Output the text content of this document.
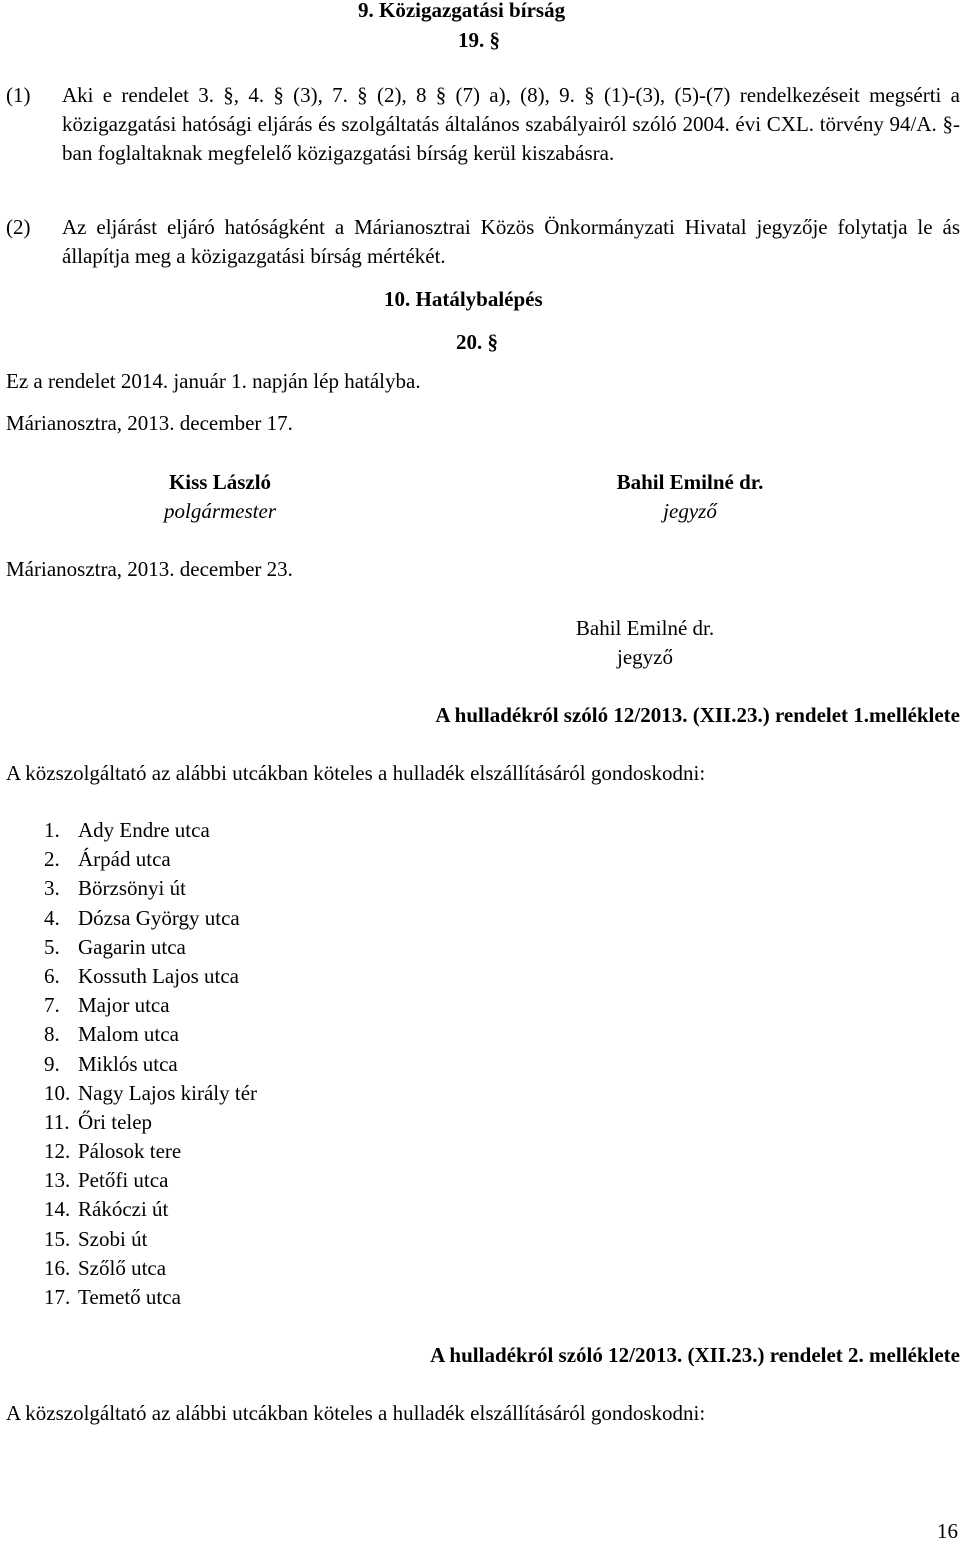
9. Közigazgatási bírság
19. §
(1) Aki e rendelet 3. §, 4. § (3), 7. § (2), 8 § (7) a), (8), 9. § (1)-(3), (5)-(7) rendelkezéseit megsérti a közigazgatási hatósági eljárás és szolgáltatás általános szabályairól szóló 2004. évi CXL. törvény 94/A. §-ban foglaltaknak megfelelő közigazgatási bírság kerül kiszabásra.
(2) Az eljárást eljáró hatóságként a Márianosztrai Közös Önkormányzati Hivatal jegyzője folytatja le ás állapítja meg a közigazgatási bírság mértékét.
10. Hatálybalépés
20. §
Ez a rendelet 2014. január 1. napján lép hatályba.
Márianosztra, 2013. december 17.
Kiss László
polgármester
Bahil Emilné dr.
jegyző
Márianosztra, 2013. december 23.
Bahil Emilné dr.
jegyző
A hulladékról szóló 12/2013. (XII.23.) rendelet 1.melléklete
A közszolgáltató az alábbi utcákban köteles a hulladék elszállításáról gondoskodni:
1. Ady Endre utca
2. Árpád utca
3. Börzsönyi út
4. Dózsa György utca
5. Gagarin utca
6. Kossuth Lajos utca
7. Major utca
8. Malom utca
9. Miklós utca
10. Nagy Lajos király tér
11. Őri telep
12. Pálosok tere
13. Petőfi utca
14. Rákóczi út
15. Szobi út
16. Szőlő utca
17. Temető utca
A hulladékról szóló 12/2013. (XII.23.) rendelet 2. melléklete
A közszolgáltató az alábbi utcákban köteles a hulladék elszállításáról gondoskodni:
16
